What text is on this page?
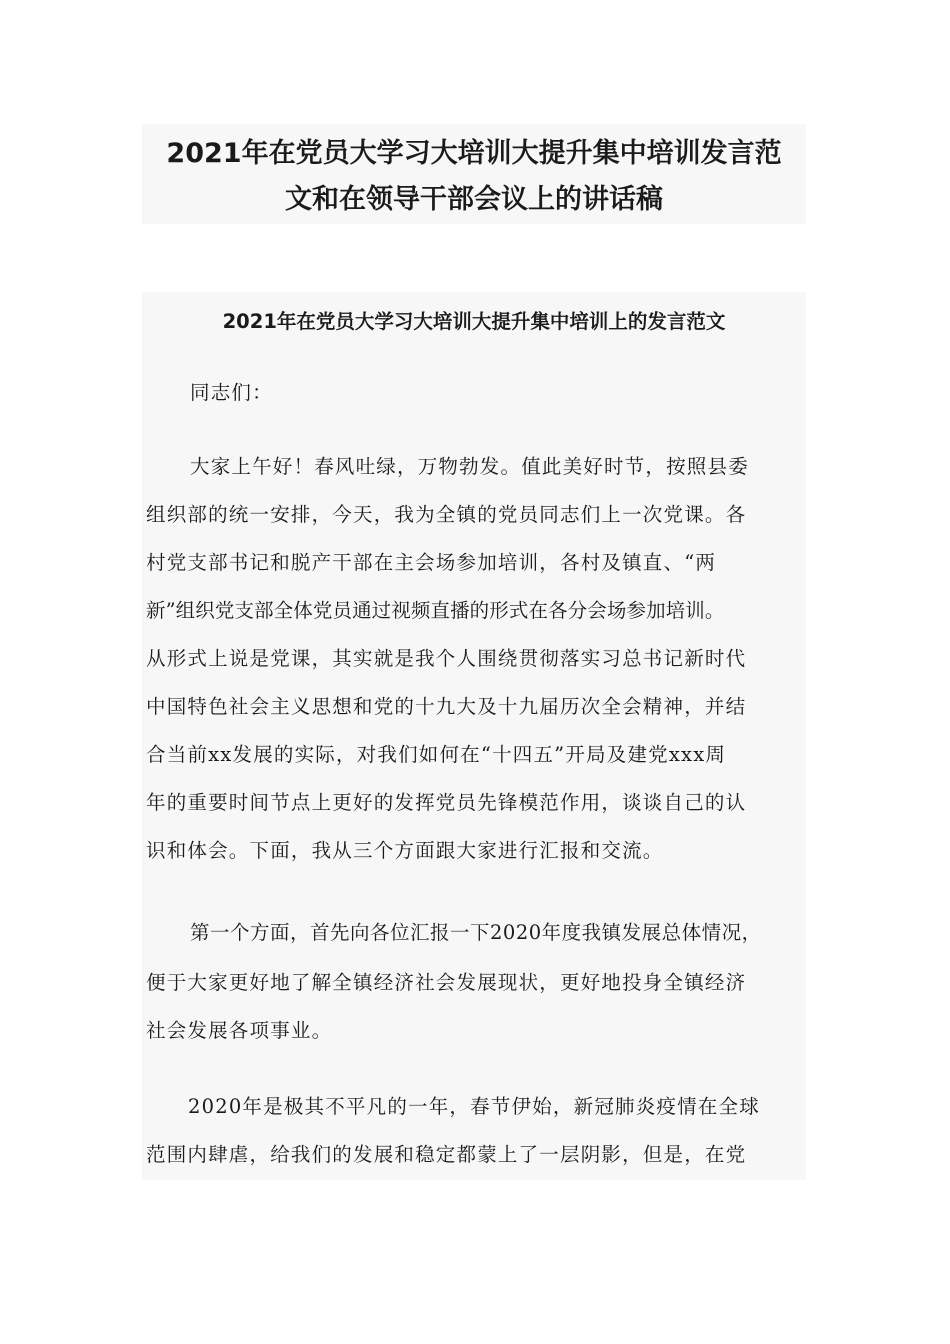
2021年在党员大学习大培训大提升集中培训发言范
文和在领导干部会议上的讲话稿
2021年在党员大学习大培训大提升集中培训上的发言范文
同志们：
大家上午好！春风吐绿，万物勃发。值此美好时节，按照县委
组织部的统一安排，今天，我为全镇的党员同志们上一次党课。各
村党支部书记和脱产干部在主会场参加培训，各村及镇直、“两
新”组织党支部全体党员通过视频直播的形式在各分会场参加培训。
从形式上说是党课，其实就是我个人围绕贯彻落实习总书记新时代
中国特色社会主义思想和党的十九大及十九届历次全会精神，并结
合当前xx发展的实际，对我们如何在“十四五”开局及建党xxx周
年的重要时间节点上更好的发挥党员先锋模范作用，谈谈自己的认
识和体会。下面，我从三个方面跟大家进行汇报和交流。
第一个方面，首先向各位汇报一下2020年度我镇发展总体情况，
便于大家更好地了解全镇经济社会发展现状，更好地投身全镇经济
社会发展各项事业。
2020年是极其不平凡的一年，春节伊始，新冠肺炎疫情在全球
范围内肆虐，给我们的发展和稳定都蒙上了一层阴影，但是，在党
